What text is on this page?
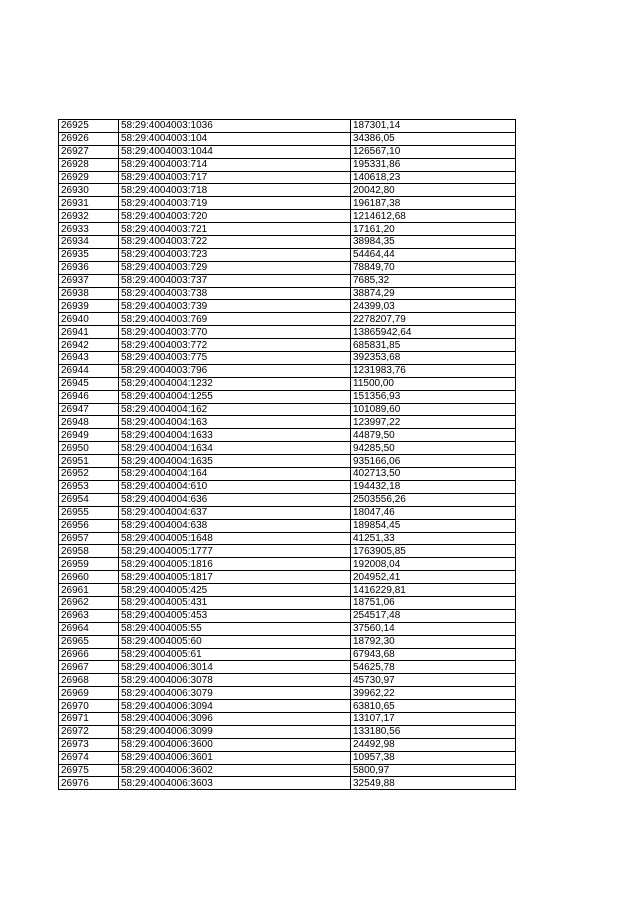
26925	58:29:4004003:1036	187301,14
26926	58:29:4004003:104	34386,05
26927	58:29:4004003:1044	126567,10
26928	58:29:4004003:714	195331,86
26929	58:29:4004003:717	140618,23
26930	58:29:4004003:718	20042,80
26931	58:29:4004003:719	196187,38
26932	58:29:4004003:720	1214612,68
26933	58:29:4004003:721	17161,20
26934	58:29:4004003:722	38984,35
26935	58:29:4004003:723	54464,44
26936	58:29:4004003:729	78849,70
26937	58:29:4004003:737	7685,32
26938	58:29:4004003:738	38874,29
26939	58:29:4004003:739	24399,03
26940	58:29:4004003:769	2278207,79
26941	58:29:4004003:770	13865942,64
26942	58:29:4004003:772	685831,85
26943	58:29:4004003:775	392353,68
26944	58:29:4004003:796	1231983,76
26945	58:29:4004004:1232	11500,00
26946	58:29:4004004:1255	151356,93
26947	58:29:4004004:162	101089,60
26948	58:29:4004004:163	123997,22
26949	58:29:4004004:1633	44879,50
26950	58:29:4004004:1634	94285,50
26951	58:29:4004004:1635	935166,06
26952	58:29:4004004:164	402713,50
26953	58:29:4004004:610	194432,18
26954	58:29:4004004:636	2503556,26
26955	58:29:4004004:637	18047,46
26956	58:29:4004004:638	189854,45
26957	58:29:4004005:1648	41251,33
26958	58:29:4004005:1777	1763905,85
26959	58:29:4004005:1816	192008,04
26960	58:29:4004005:1817	204952,41
26961	58:29:4004005:425	1416229,81
26962	58:29:4004005:431	18751,06
26963	58:29:4004005:453	254517,48
26964	58:29:4004005:55	37560,14
26965	58:29:4004005:60	18792,30
26966	58:29:4004005:61	67943,68
26967	58:29:4004006:3014	54625,78
26968	58:29:4004006:3078	45730,97
26969	58:29:4004006:3079	39962,22
26970	58:29:4004006:3094	63810,65
26971	58:29:4004006:3096	13107,17
26972	58:29:4004006:3099	133180,56
26973	58:29:4004006:3600	24492,98
26974	58:29:4004006:3601	10957,38
26975	58:29:4004006:3602	5800,97
26976	58:29:4004006:3603	32549,88
